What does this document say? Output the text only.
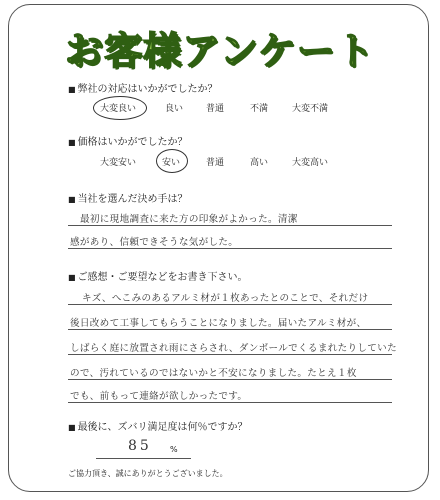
お客様アンケート
■ 弊社の対応はいかがでしたか？
大変良い	良い	普通	不満	大変不満
■ 価格はいかがでしたか？
大変安い	安い	普通	高い	大変高い
■ 当社を選んだ決め手は？
最初に現地調査に来た方の印象がよかった。清潔
感があり、信頼できそうな気がした。
■ ご感想・ご要望などをお書き下さい。
キズ、へこみのあるアルミ材が１枚あったとのことで、それだけ
後日改めて工事してもらうことになりました。届いたアルミ材が、
しばらく庭に放置され雨にさらされ、ダンボールでくるまれたりしていた
ので、汚れているのではないかと不安になりました。たとえ１枚
でも、前もって連絡が欲しかったです。
■ 最後に、ズバリ満足度は何％ですか？
85 %
ご協力頂き、誠にありがとうございました。
